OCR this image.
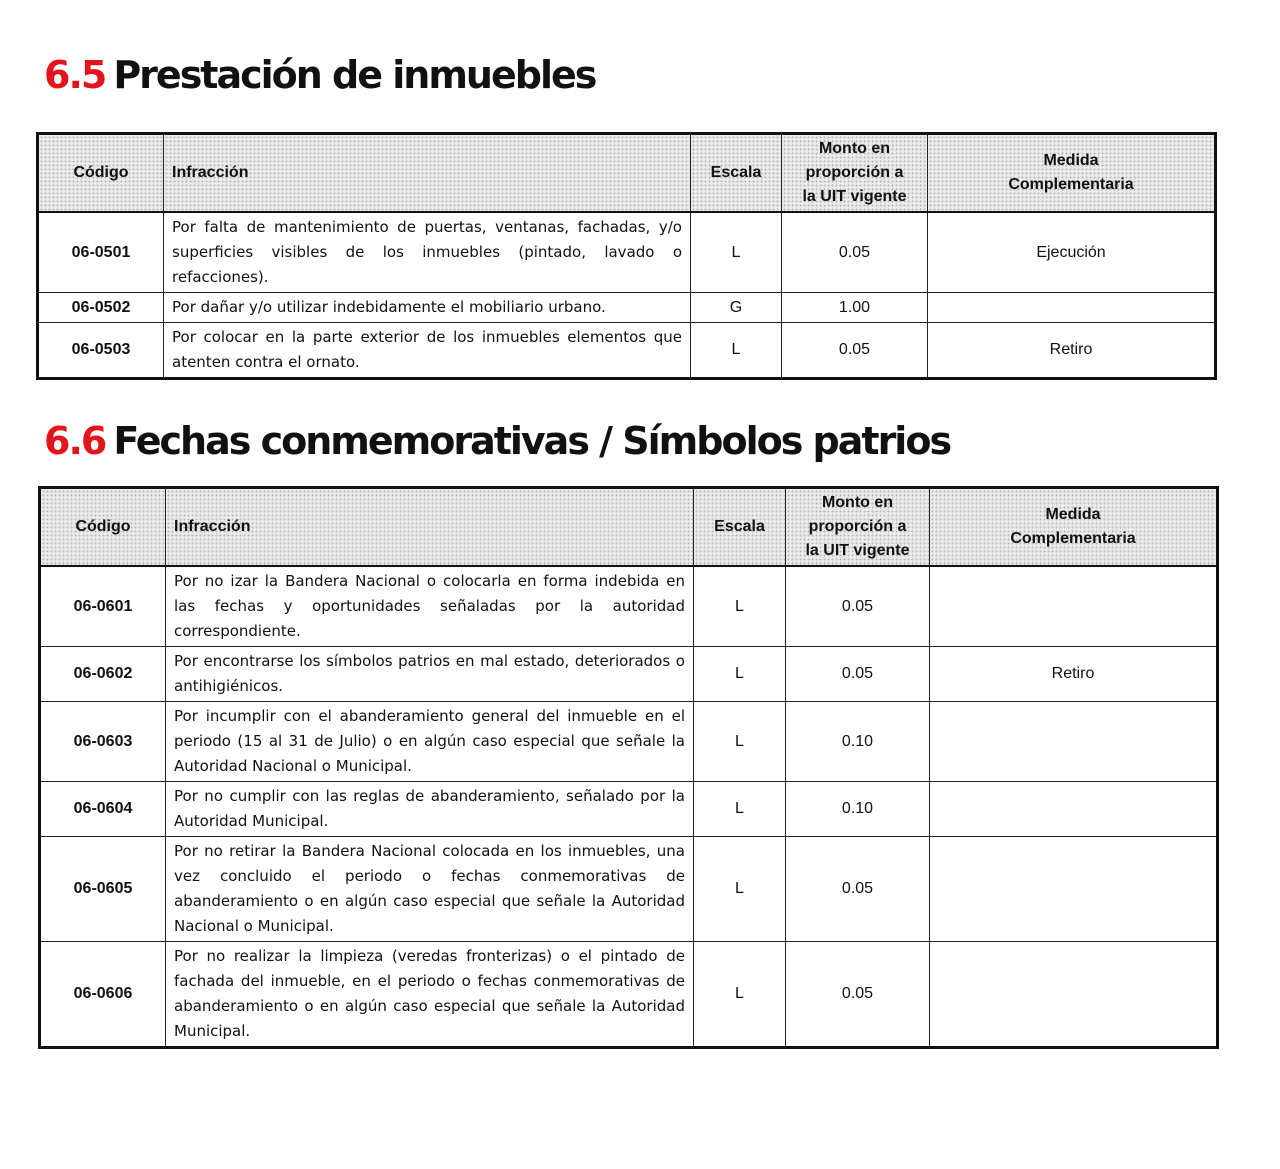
6.5 Prestación de inmuebles
Código	Infracción	Escala	Monto en
proporción a
la UIT vigente	Medida
Complementaria
06-0501	Por falta de mantenimiento de puertas, ventanas, fachadas, y/o superficies visibles de los inmuebles (pintado, lavado o refacciones).	L	0.05	Ejecución
06-0502	Por dañar y/o utilizar indebidamente el mobiliario urbano.	G	1.00	
06-0503	Por colocar en la parte exterior de los inmuebles elementos que atenten contra el ornato.	L	0.05	Retiro
6.6 Fechas conmemorativas / Símbolos patrios
Código	Infracción	Escala	Monto en
proporción a
la UIT vigente	Medida
Complementaria
06-0601	Por no izar la Bandera Nacional o colocarla en forma indebida en las fechas y oportunidades señaladas por la autoridad correspondiente.	L	0.05	
06-0602	Por encontrarse los símbolos patrios en mal estado, deteriorados o antihigiénicos.	L	0.05	Retiro
06-0603	Por incumplir con el abanderamiento general del inmueble en el periodo (15 al 31 de Julio) o en algún caso especial que señale la Autoridad Nacional o Municipal.	L	0.10	
06-0604	Por no cumplir con las reglas de abanderamiento, señalado por la Autoridad Municipal.	L	0.10	
06-0605	Por no retirar la Bandera Nacional colocada en los inmuebles, una vez concluido el periodo o fechas conmemorativas de abanderamiento o en algún caso especial que señale la Autoridad Nacional o Municipal.	L	0.05	
06-0606	Por no realizar la limpieza (veredas fronterizas) o el pintado de fachada del inmueble, en el periodo o fechas conmemorativas de abanderamiento o en algún caso especial que señale la Autoridad Municipal.	L	0.05	
